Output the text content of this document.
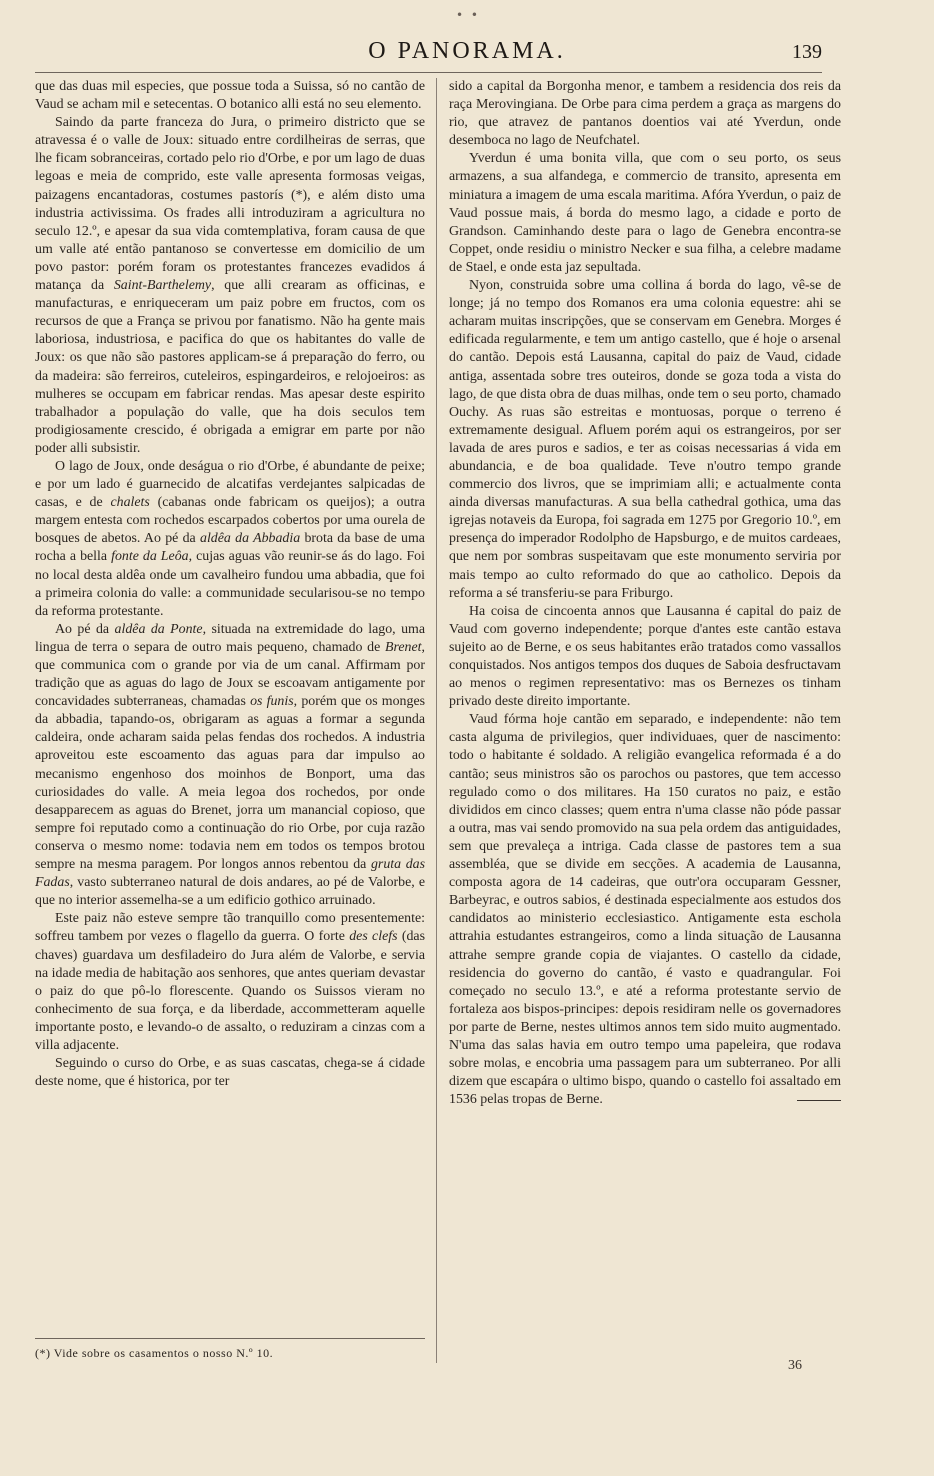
• •
O PANORAMA.	139

que das duas mil especies, que possue toda a Suissa, só no cantão de Vaud se acham mil e setecentas. O botanico alli está no seu elemento.

Saindo da parte franceza do Jura, o primeiro districto que se atravessa é o valle de Joux: situado entre cordilheiras de serras, que lhe ficam sobranceiras, cortado pelo rio d'Orbe, e por um lago de duas legoas e meia de comprido, este valle apresenta formosas veigas, paizagens encantadoras, costumes pastorís (*), e além disto uma industria activissima. Os frades alli introduziram a agricultura no seculo 12.º, e apesar da sua vida comtemplativa, foram causa de que um valle até então pantanoso se convertesse em domicilio de um povo pastor: porém foram os protestantes francezes evadidos á matança da Saint-Barthelemy, que alli crearam as officinas, e manufacturas, e enriqueceram um paiz pobre em fructos, com os recursos de que a França se privou por fanatismo. Não ha gente mais laboriosa, industriosa, e pacifica do que os habitantes do valle de Joux: os que não são pastores applicam-se á preparação do ferro, ou da madeira: são ferreiros, cuteleiros, espingardeiros, e relojoeiros: as mulheres se occupam em fabricar rendas. Mas apesar deste espirito trabalhador a população do valle, que ha dois seculos tem prodigiosamente crescido, é obrigada a emigrar em parte por não poder alli subsistir.

O lago de Joux, onde deságua o rio d'Orbe, é abundante de peixe; e por um lado é guarnecido de alcatifas verdejantes salpicadas de casas, e de chalets (cabanas onde fabricam os queijos); a outra margem entesta com rochedos escarpados cobertos por uma ourela de bosques de abetos. Ao pé da aldêa da Abbadia brota da base de uma rocha a bella fonte da Leôa, cujas aguas vão reunir-se ás do lago. Foi no local desta aldêa onde um cavalheiro fundou uma abbadia, que foi a primeira colonia do valle: a communidade secularisou-se no tempo da reforma protestante.

Ao pé da aldêa da Ponte, situada na extremidade do lago, uma lingua de terra o separa de outro mais pequeno, chamado de Brenet, que communica com o grande por via de um canal. Affirmam por tradição que as aguas do lago de Joux se escoavam antigamente por concavidades subterraneas, chamadas os funis, porém que os monges da abbadia, tapando-os, obrigaram as aguas a formar a segunda caldeira, onde acharam saida pelas fendas dos rochedos. A industria aproveitou este escoamento das aguas para dar impulso ao mecanismo engenhoso dos moinhos de Bonport, uma das curiosidades do valle. A meia legoa dos rochedos, por onde desapparecem as aguas do Brenet, jorra um manancial copioso, que sempre foi reputado como a continuação do rio Orbe, por cuja razão conserva o mesmo nome: todavia nem em todos os tempos brotou sempre na mesma paragem. Por longos annos rebentou da gruta das Fadas, vasto subterraneo natural de dois andares, ao pé de Valorbe, e que no interior assemelha-se a um edificio gothico arruinado.

Este paiz não esteve sempre tão tranquillo como presentemente: soffreu tambem por vezes o flagello da guerra. O forte des clefs (das chaves) guardava um desfiladeiro do Jura além de Valorbe, e servia na idade media de habitação aos senhores, que antes queriam devastar o paiz do que pô-lo florescente. Quando os Suissos vieram no conhecimento de sua força, e da liberdade, accommetteram aquelle importante posto, e levando-o de assalto, o reduziram a cinzas com a villa adjacente.

Seguindo o curso do Orbe, e as suas cascatas, chega-se á cidade deste nome, que é historica, por ter

sido a capital da Borgonha menor, e tambem a residencia dos reis da raça Merovingiana. De Orbe para cima perdem a graça as margens do rio, que atravez de pantanos doentios vai até Yverdun, onde desemboca no lago de Neufchatel.

Yverdun é uma bonita villa, que com o seu porto, os seus armazens, a sua alfandega, e commercio de transito, apresenta em miniatura a imagem de uma escala maritima. Afóra Yverdun, o paiz de Vaud possue mais, á borda do mesmo lago, a cidade e porto de Grandson. Caminhando deste para o lago de Genebra encontra-se Coppet, onde residiu o ministro Necker e sua filha, a celebre madame de Stael, e onde esta jaz sepultada.

Nyon, construida sobre uma collina á borda do lago, vê-se de longe; já no tempo dos Romanos era uma colonia equestre: ahi se acharam muitas inscripções, que se conservam em Genebra. Morges é edificada regularmente, e tem um antigo castello, que é hoje o arsenal do cantão. Depois está Lausanna, capital do paiz de Vaud, cidade antiga, assentada sobre tres outeiros, donde se goza toda a vista do lago, de que dista obra de duas milhas, onde tem o seu porto, chamado Ouchy. As ruas são estreitas e montuosas, porque o terreno é extremamente desigual. Afluem porém aqui os estrangeiros, por ser lavada de ares puros e sadios, e ter as coisas necessarias á vida em abundancia, e de boa qualidade. Teve n'outro tempo grande commercio dos livros, que se imprimiam alli; e actualmente conta ainda diversas manufacturas. A sua bella cathedral gothica, uma das igrejas notaveis da Europa, foi sagrada em 1275 por Gregorio 10.º, em presença do imperador Rodolpho de Hapsburgo, e de muitos cardeaes, que nem por sombras suspeitavam que este monumento serviria por mais tempo ao culto reformado do que ao catholico. Depois da reforma a sé transferiu-se para Friburgo.

Ha coisa de cincoenta annos que Lausanna é capital do paiz de Vaud com governo independente; porque d'antes este cantão estava sujeito ao de Berne, e os seus habitantes erão tratados como vassallos conquistados. Nos antigos tempos dos duques de Saboia desfructavam ao menos o regimen representativo: mas os Bernezes os tinham privado deste direito importante.

Vaud fórma hoje cantão em separado, e independente: não tem casta alguma de privilegios, quer individuaes, quer de nascimento: todo o habitante é soldado. A religião evangelica reformada é a do cantão; seus ministros são os parochos ou pastores, que tem accesso regulado como o dos militares. Ha 150 curatos no paiz, e estão divididos em cinco classes; quem entra n'uma classe não póde passar a outra, mas vai sendo promovido na sua pela ordem das antiguidades, sem que prevaleça a intriga. Cada classe de pastores tem a sua assembléa, que se divide em secções. A academia de Lausanna, composta agora de 14 cadeiras, que outr'ora occuparam Gessner, Barbeyrac, e outros sabios, é destinada especialmente aos estudos dos candidatos ao ministerio ecclesiastico. Antigamente esta eschola attrahia estudantes estrangeiros, como a linda situação de Lausanna attrahe sempre grande copia de viajantes. O castello da cidade, residencia do governo do cantão, é vasto e quadrangular. Foi começado no seculo 13.º, e até a reforma protestante servio de fortaleza aos bispos-principes: depois residiram nelle os governadores por parte de Berne, nestes ultimos annos tem sido muito augmentado. N'uma das salas havia em outro tempo uma papeleira, que rodava sobre molas, e encobria uma passagem para um subterraneo. Por alli dizem que escapára o ultimo bispo, quando o castello foi assaltado em 1536 pelas tropas de Berne.

(*) Vide sobre os casamentos o nosso N.º 10.
36
